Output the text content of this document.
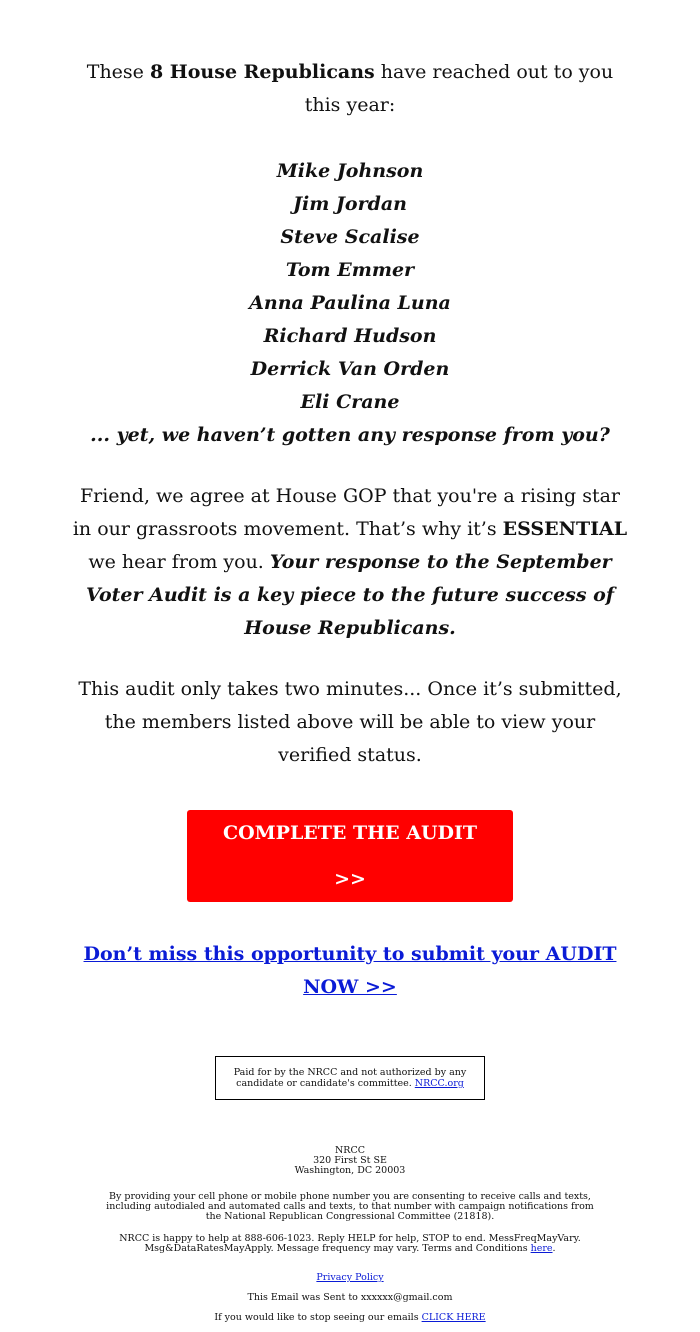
These 8 House Republicans have reached out to you this year:

Mike Johnson

Jim Jordan

Steve Scalise

Tom Emmer

Anna Paulina Luna

Richard Hudson

Derrick Van Orden

Eli Crane

... yet, we haven’t gotten any response from you?

Friend, we agree at House GOP that you're a rising star in our grassroots movement. That’s why it’s ESSENTIAL we hear from you. Your response to the September Voter Audit is a key piece to the future success of House Republicans.

This audit only takes two minutes... Once it’s submitted, the members listed above will be able to view your verified status.

COMPLETE THE AUDIT >>

Don’t miss this opportunity to submit your AUDIT NOW >>

Paid for by the NRCC and not authorized by any candidate or candidate's committee. NRCC.org

NRCC

320 First St SE

Washington, DC 20003

By providing your cell phone or mobile phone number you are consenting to receive calls and texts, including autodialed and automated calls and texts, to that number with campaign notifications from the National Republican Congressional Committee (21818).

NRCC is happy to help at 888-606-1023. Reply HELP for help, STOP to end. MessFreqMayVary. Msg&DataRatesMayApply. Message frequency may vary. Terms and Conditions here.

Privacy Policy

This Email was Sent to xxxxxx@gmail.com

If you would like to stop seeing our emails CLICK HERE
